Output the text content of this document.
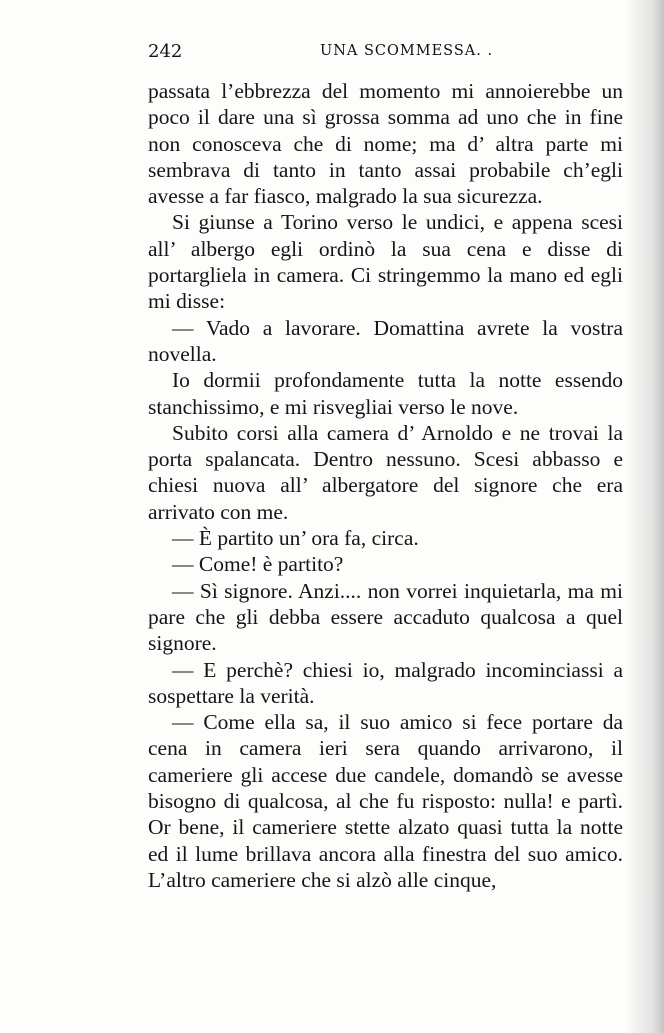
242	UNA SCOMMESSA. .

passata l’ebbrezza del momento mi annoierebbe un poco il dare una sì grossa somma ad uno che in fine non conosceva che di nome; ma d’ altra parte mi sembrava di tanto in tanto assai probabile ch’egli avesse a far fiasco, malgrado la sua sicurezza.

Si giunse a Torino verso le undici, e appena scesi all’ albergo egli ordinò la sua cena e disse di portargliela in camera. Ci stringemmo la mano ed egli mi disse:

— Vado a lavorare. Domattina avrete la vostra novella.

Io dormii profondamente tutta la notte essendo stanchissimo, e mi risvegliai verso le nove.

Subito corsi alla camera d’ Arnoldo e ne trovai la porta spalancata. Dentro nessuno. Scesi abbasso e chiesi nuova all’ albergatore del signore che era arrivato con me.

— È partito un’ ora fa, circa.

— Come! è partito?

— Sì signore. Anzi.... non vorrei inquietarla, ma mi pare che gli debba essere accaduto qualcosa a quel signore.

— E perchè? chiesi io, malgrado incominciassi a sospettare la verità.

— Come ella sa, il suo amico si fece portare da cena in camera ieri sera quando arrivarono, il cameriere gli accese due candele, domandò se avesse bisogno di qualcosa, al che fu risposto: nulla! e partì. Or bene, il cameriere stette alzato quasi tutta la notte ed il lume brillava ancora alla finestra del suo amico. L’altro cameriere che si alzò alle cinque,
